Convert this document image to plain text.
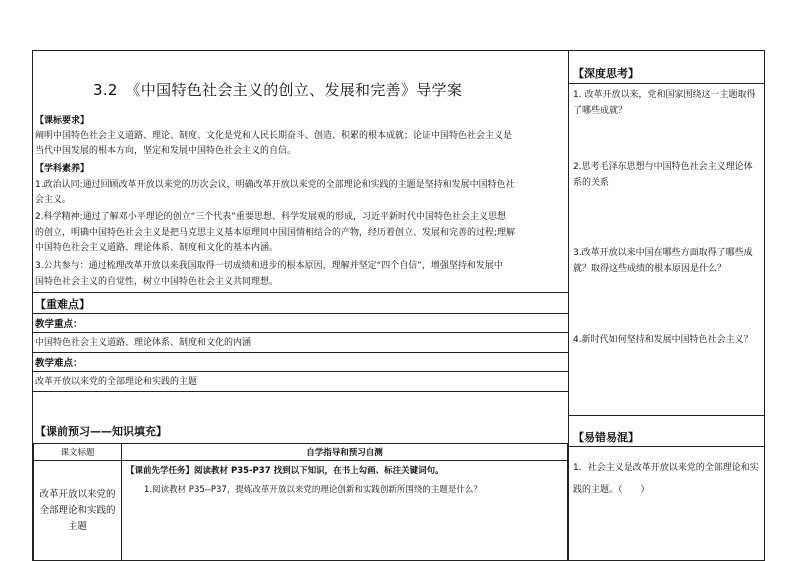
3.2　《中国特色社会主义的创立、发展和完善》导学案
【课标要求】
阐明中国特色社会主义道路、理论、制度、文化是党和人民长期奋斗、创造、积累的根本成就；论证中国特色社会主义是
当代中国发展的根本方向，坚定和发展中国特色社会主义的自信。
【学科素养】
1.政治认同:通过回顾改革开放以来党的历次会议，明确改革开放以来党的全部理论和实践的主题是坚持和发展中国特色社
会主义。
2.科学精神:通过了解邓小平理论的创立“三个代表”重要思想、科学发展观的形成，习近平新时代中国特色社会主义思想
的创立，明确中国特色社会主义是把马克思主义基本原理同中国国情相结合的产物，经历着创立、发展和完善的过程;理解
中国特色社会主义道路、理论体系、制度和文化的基本内涵。
3.公共参与：通过梳理改革开放以来我国取得一切成绩和进步的根本原因，理解并坚定“四个自信”，增强坚持和发展中
国特色社会主义的自觉性，树立中国特色社会主义共同理想。
【重难点】
教学重点：
中国特色社会主义道路、理论体系、制度和文化的内涵
教学难点：
改革开放以来党的全部理论和实践的主题
【课前预习——知识填充】
课文标题	自学指导和预习自测
改革开放以来党的全部理论和实践的主题	【课前先学任务】阅读教材 P35-P37 找到以下知识，在书上勾画、标注关键词句。
1.阅读教材 P35--P37，提炼改革开放以来党的理论创新和实践创新所围绕的主题是什么？
【深度思考】
1. 改革开放以来，党和国家围绕这一主题取得了哪些成就？
2.思考毛泽东思想与中国特色社会主义理论体系的关系
3.改革开放以来中国在哪些方面取得了哪些成就？取得这些成绩的根本原因是什么？
4.新时代如何坚持和发展中国特色社会主义？
【易错易混】
1．社会主义是改革开放以来党的全部理论和实践的主题。（　　）
